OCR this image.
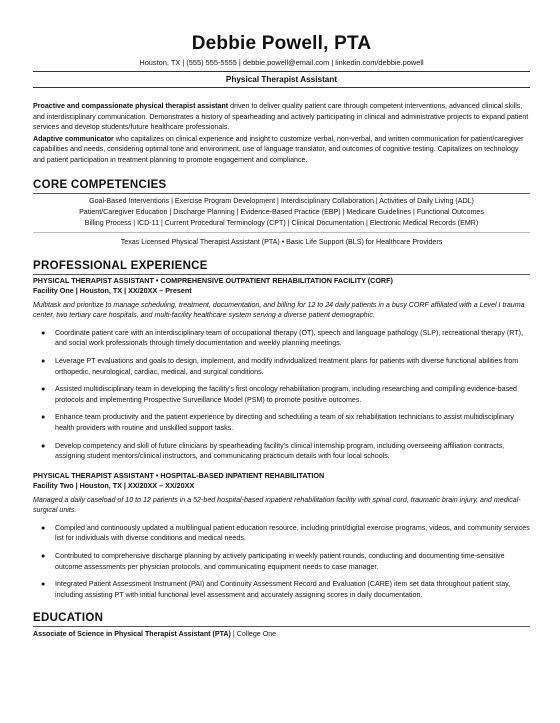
Debbie Powell, PTA
Houston, TX | (555) 555-5555 | debbie.powell@email.com | linkedin.com/debbie.powell
Physical Therapist Assistant

Proactive and compassionate physical therapist assistant driven to deliver quality patient care through competent interventions, advanced clinical skills, and interdisciplinary communication. Demonstrates a history of spearheading and actively participating in clinical and administrative projects to expand patient services and develop students/future healthcare professionals.

Adaptive communicator who capitalizes on clinical experience and insight to customize verbal, non-verbal, and written communication for patient/caregiver capabilities and needs, considering optimal tone and environment, use of language translator, and outcomes of cognitive testing. Capitalizes on technology and patient participation in treatment planning to promote engagement and compliance.

CORE COMPETENCIES
Goal-Based Interventions | Exercise Program Development | Interdisciplinary Collaboration | Activities of Daily Living (ADL)
Patient/Caregiver Education | Discharge Planning | Evidence-Based Practice (EBP) | Medicare Guidelines | Functional Outcomes
Billing Process | ICD-11 | Current Procedural Terminology (CPT) | Clinical Documentation | Electronic Medical Records (EMR)
Texas Licensed Physical Therapist Assistant (PTA) • Basic Life Support (BLS) for Healthcare Providers
PROFESSIONAL EXPERIENCE
PHYSICAL THERAPIST ASSISTANT • COMPREHENSIVE OUTPATIENT REHABILITATION FACILITY (CORF)
Facility One | Houston, TX | XX/20XX – Present
Multitask and prioritize to manage scheduling, treatment, documentation, and billing for 12 to 24 daily patients in a busy CORF affiliated with a Level I trauma center, two tertiary care hospitals, and multi-facility healthcare system serving a diverse patient demographic.
● Coordinate patient care with an interdisciplinary team of occupational therapy (OT), speech and language pathology (SLP), recreational therapy (RT), and social work professionals through timely documentation and weekly planning meetings.
● Leverage PT evaluations and goals to design, implement, and modify individualized treatment plans for patients with diverse functional abilities from orthopedic, neurological, cardiac, medical, and surgical conditions.
● Assisted multidisciplinary team in developing the facility’s first oncology rehabilitation program, including researching and compiling evidence-based protocols and implementing Prospective Surveillance Model (PSM) to promote positive outcomes.
● Enhance team productivity and the patient experience by directing and scheduling a team of six rehabilitation technicians to assist multidisciplinary health providers with routine and unskilled support tasks.
● Develop competency and skill of future clinicians by spearheading facility’s clinical internship program, including overseeing affiliation contracts, assigning student mentors/clinical instructors, and communicating practicum details with four local schools.
PHYSICAL THERAPIST ASSISTANT • HOSPITAL-BASED INPATIENT REHABILITATION
Facility Two | Houston, TX | XX/20XX – XX/20XX
Managed a daily caseload of 10 to 12 patients in a 52-bed hospital-based inpatient rehabilitation facility with spinal cord, traumatic brain injury, and medical-surgical units.
● Compiled and continuously updated a multilingual patient education resource, including print/digital exercise programs, videos, and community services list for individuals with diverse conditions and medical needs.
● Contributed to comprehensive discharge planning by actively participating in weekly patient rounds, conducting and documenting time-sensitive outcome assessments per physician protocols, and communicating equipment needs to case manager.
● Integrated Patient Assessment Instrument (PAI) and Continuity Assessment Record and Evaluation (CARE) item set data throughout patient stay, including assisting PT with initial functional level assessment and accurately assigning scores in daily documentation.
EDUCATION
Associate of Science in Physical Therapist Assistant (PTA) | College One
